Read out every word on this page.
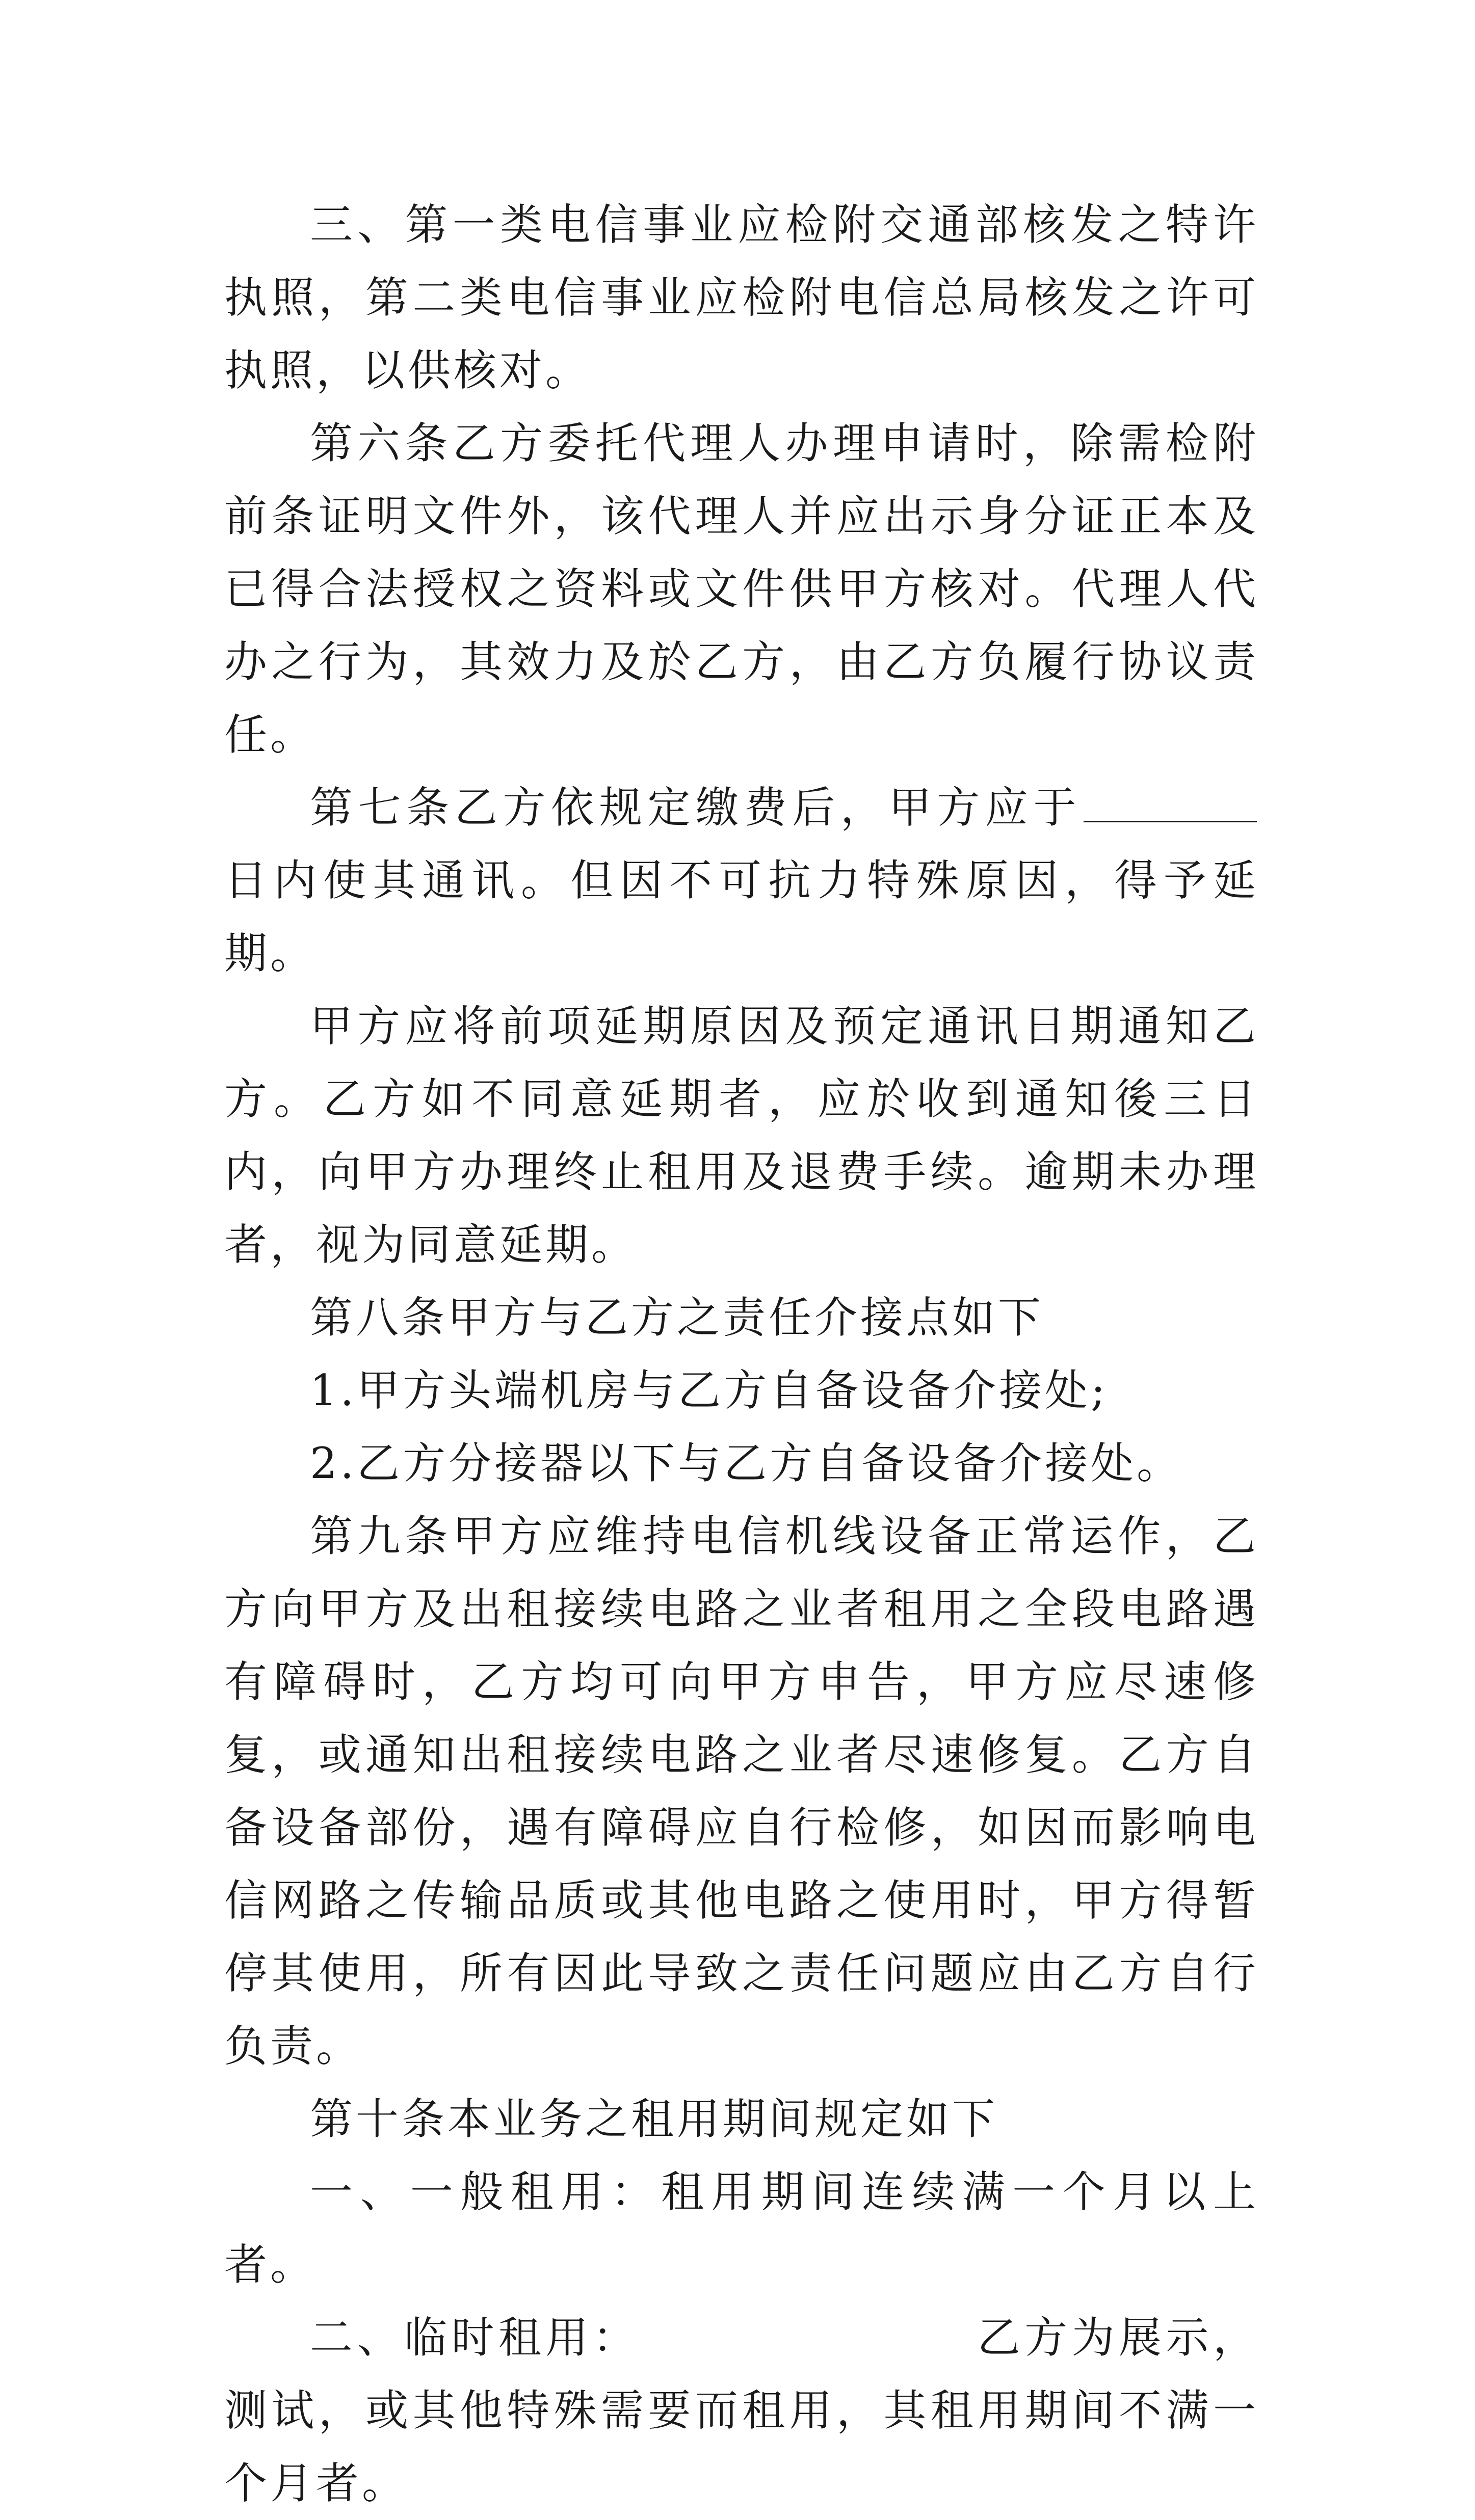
三、第一类电信事业应检附交通部核发之特许执照，第二类电信事业应检附电信总局核发之许可执照，以供核对。

第六条乙方委托代理人办理申请时，除需检附前条证明文件外，该代理人并应出示身分证正本及已得合法授权之资料或文件供甲方核对。代理人代办之行为，其效力及於乙方，由乙方负履行协议责任。

第七条乙方依规定缴费后，甲方应于日内使其通讯。但因不可抗力特殊原因，得予延期。

甲方应将前项延期原因及预定通讯日期通知乙方。乙方如不同意延期者，应於收到通知後三日内，向甲方办理终止租用及退费手续。逾期未办理者，视为同意延期。

第八条甲方与乙方之责任介接点如下

1.甲方头端机房与乙方自备设备介接处;

2.乙方分接器以下与乙方自备设备介接处。

第九条甲方应维持电信机线设备正常运作，乙方向甲方及出租接续电路之业者租用之全段电路遇有障碍时，乙方均可向甲方申告，甲方应尽速修复，或通知出租接续电路之业者尽速修复。乙方自备设备部份，遇有障碍应自行检修，如因而影响电信网路之传输品质或其他电路之使用时，甲方得暂停其使用，所有因此导致之责任问题应由乙方自行负责。

第十条本业务之租用期间规定如下

一、一般租用：租用期间连续满一个月以上者。

二、临时租用：	乙方为展示，测试，或其他特殊需要而租用，其租用期间不满一个月者。
